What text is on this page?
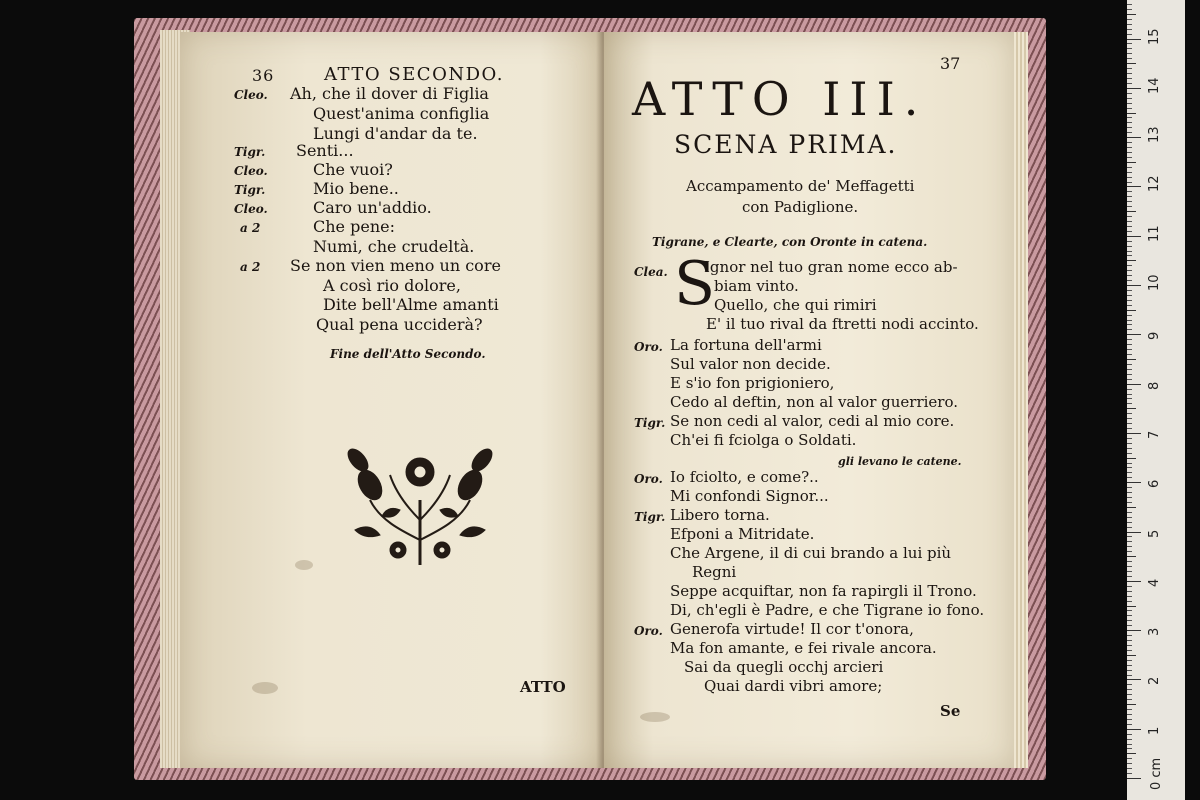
36	ATTO SECONDO.
Cleo. Ah, che il dover di Figlia
Quest'anima configlia
Lungi d'andar da te.
Tigr. Senti...
Cleo.	Che vuoi?
Tigr.	Mio bene..
Cleo.	Caro un'addio.
a 2	Che pene:
Numi, che crudeltà.
a 2 Se non vien meno un core
A così rio dolore,
Dite bell'Alme amanti
Qual pena ucciderà?
Fine dell'Atto Secondo.
ATTO
37
ATTO III.
SCENA PRIMA.
Accampamento de' Meffagetti
con Padiglione.
Tigrane, e Clearte, con Oronte in catena.
Clea. S
Ignor nel tuo gran nome ecco ab-
biam vinto.
Quello, che qui rimiri
E' il tuo rival da ftretti nodi accinto.
Oro. La fortuna dell'armi
Sul valor non decide.
E s'io fon prigioniero,
Cedo al deftin, non al valor guerriero.
Tigr. Se non cedi al valor, cedi al mio core.
Ch'ei fi fciolga o Soldati.
gli levano le catene.
Oro. Io fciolto, e come?..
Mi confondi Signor...
Tigr. Libero torna.
Efponi a Mitridate.
Che Argene, il di cui brando a lui più
Regni
Seppe acquiftar, non fa rapirgli il Trono.
Di, ch'egli è Padre, e che Tigrane io fono.
Oro. Generofa virtude! Il cor t'onora,
Ma fon amante, e fei rivale ancora.
Sai da quegli occhj arcieri
Quai dardi vibri amore;
Se
0 cm
1
2
3
4
5
6
7
8
9
10
11
12
13
14
15
